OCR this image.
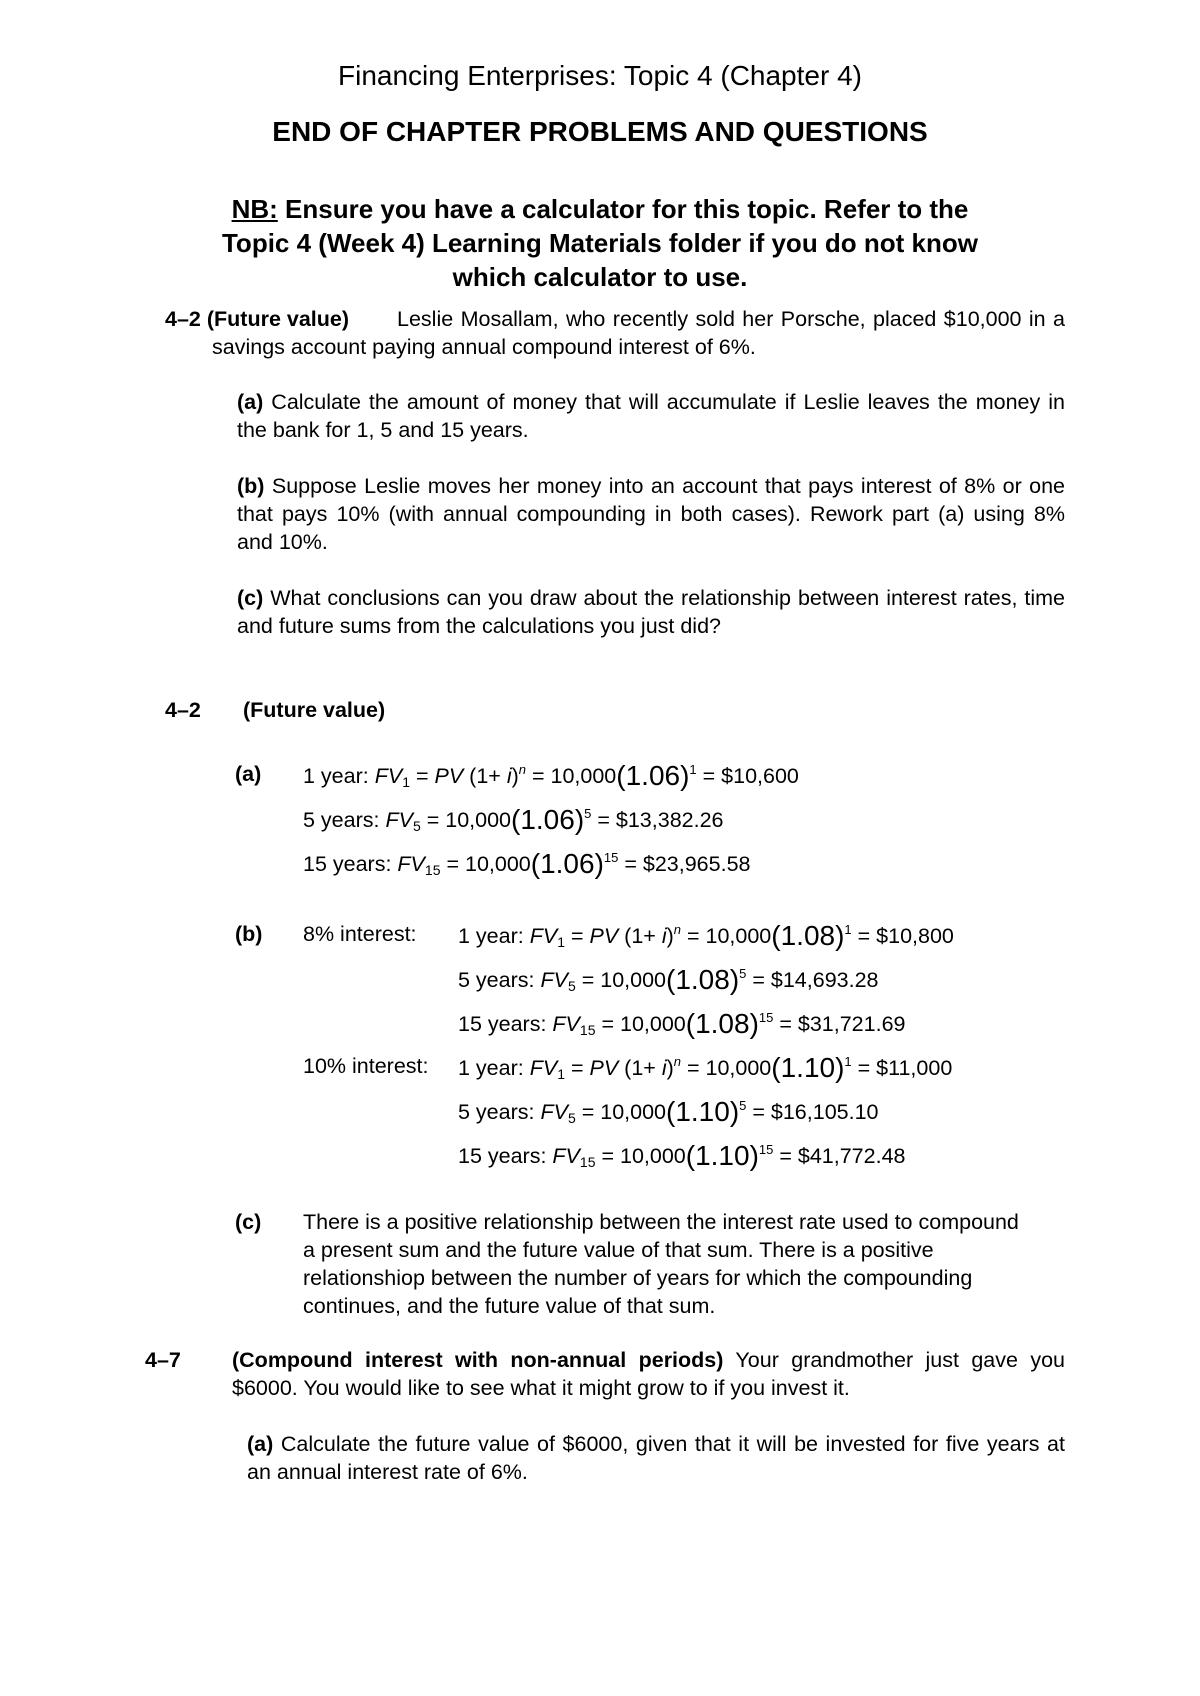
Financing Enterprises: Topic 4 (Chapter 4)
END OF CHAPTER PROBLEMS AND QUESTIONS
NB: Ensure you have a calculator for this topic. Refer to the
Topic 4 (Week 4) Learning Materials folder if you do not know
which calculator to use.
4–2 (Future value)	Leslie Mosallam, who recently sold her Porsche, placed $10,000 in a savings account paying annual compound interest of 6%.
(a) Calculate the amount of money that will accumulate if Leslie leaves the money in the bank for 1, 5 and 15 years.
(b) Suppose Leslie moves her money into an account that pays interest of 8% or one that pays 10% (with annual compounding in both cases). Rework part (a) using 8% and 10%.
(c) What conclusions can you draw about the relationship between interest rates, time and future sums from the calculations you just did?
4–2 (Future value)
(a) 1 year: $FV_1$ = PV $(1+ i)^n = 10,000(1.06)^1$ = $10,600
5 years: $FV_5 = 10,000(1.06)^5$ = $13,382.26
15 years: $FV_{15} = 10,000(1.06)^{15}$ = $23,965.58
(b) 8% interest: 1 year: $FV_1$ = PV $(1+ i)^n = 10,000(1.08)^1$ = $10,800
5 years: $FV_5 = 10,000(1.08)^5$ = $14,693.28
15 years: $FV_{15} = 10,000(1.08)^{15}$ = $31,721.69
10% interest: 1 year: $FV_1$ = PV $(1+ i)^n = 10,000(1.10)^1$ = $11,000
5 years: $FV_5 = 10,000(1.10)^5$ = $16,105.10
15 years: $FV_{15} = 10,000(1.10)^{15}$ = $41,772.48
(c) There is a positive relationship between the interest rate used to compound a present sum and the future value of that sum. There is a positive relationshiop between the number of years for which the compounding continues, and the future value of that sum.
4–7 (Compound interest with non-annual periods) Your grandmother just gave you $6000. You would like to see what it might grow to if you invest it.
(a) Calculate the future value of $6000, given that it will be invested for five years at an annual interest rate of 6%.
